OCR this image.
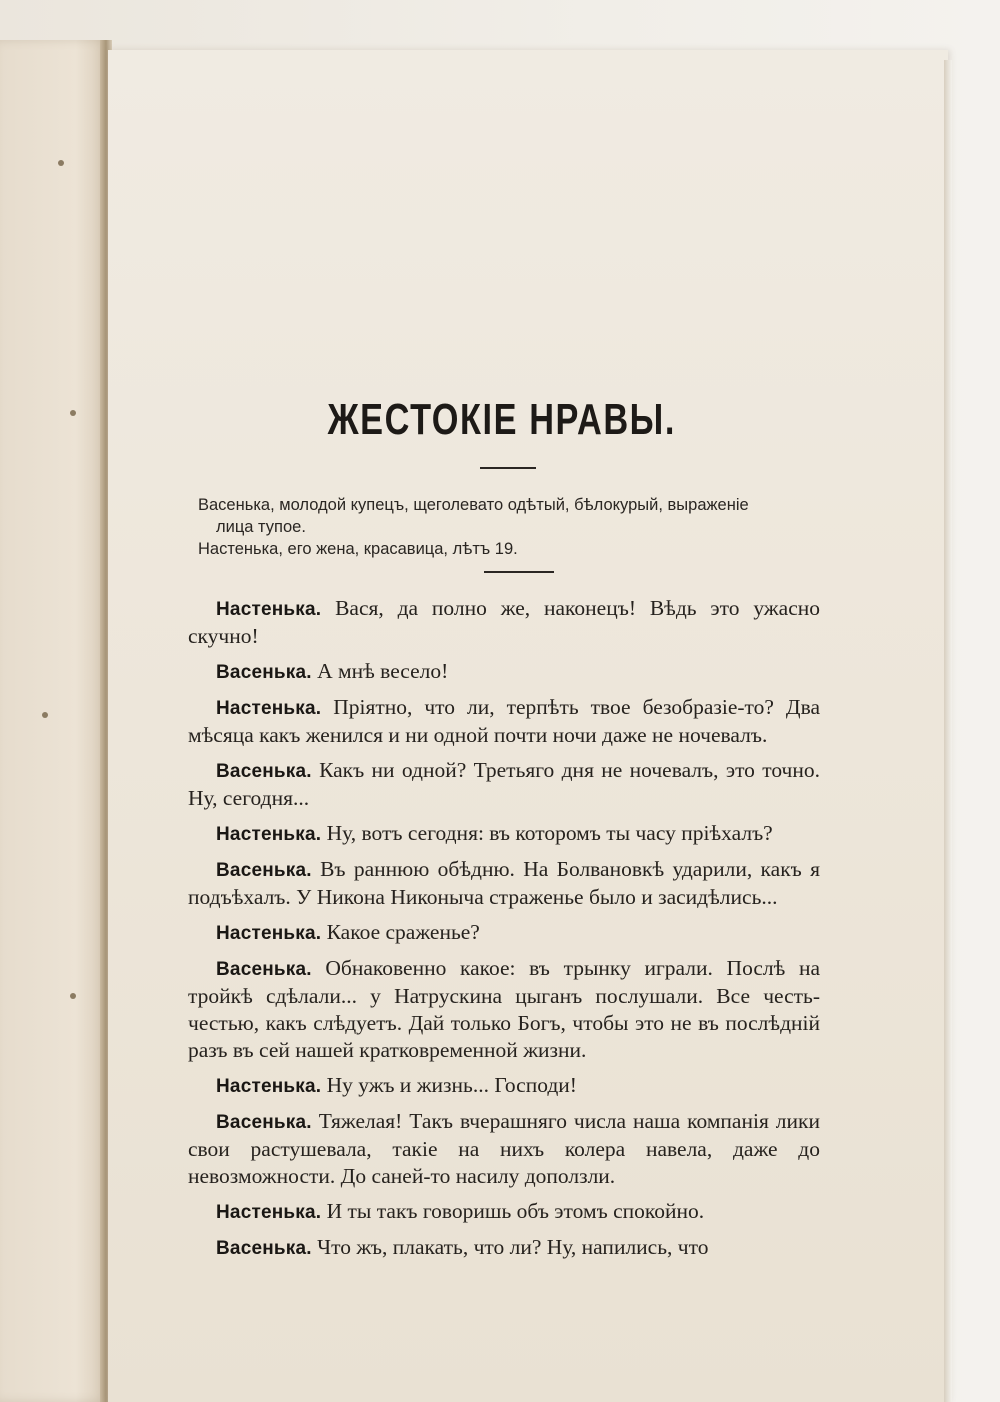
ЖЕСТОКІЕ НРАВЫ.
Васенька, молодой купецъ, щеголевато одѣтый, бѣлокурый, выраженіе
лица тупое.
Настенька, его жена, красавица, лѣтъ 19.

Настенька. Вася, да полно же, наконецъ! Вѣдь это ужасно скучно!

Васенька. А мнѣ весело!

Настенька. Пріятно, что ли, терпѣть твое безобразіе-то? Два мѣсяца какъ женился и ни одной почти ночи даже не ночевалъ.

Васенька. Какъ ни одной? Третьяго дня не ночевалъ, это точно. Ну, сегодня...

Настенька. Ну, вотъ сегодня: въ которомъ ты часу пріѣхалъ?

Васенька. Въ раннюю обѣдню. На Болвановкѣ ударили, какъ я подъѣхалъ. У Никона Никоныча страженье было и засидѣлись...

Настенька. Какое сраженье?

Васенька. Обнаковенно какое: въ трынку играли. Послѣ на тройкѣ сдѣлали... у Натрускина цыганъ послушали. Все честь-честью, какъ слѣдуетъ. Дай только Богъ, чтобы это не въ послѣдній разъ въ сей нашей кратковременной жизни.

Настенька. Ну ужъ и жизнь... Господи!

Васенька. Тяжелая! Такъ вчерашняго числа наша компанія лики свои растушевала, такіе на нихъ колера навела, даже до невозможности. До саней-то насилу доползли.

Настенька. И ты такъ говоришь объ этомъ спокойно.

Васенька. Что жъ, плакать, что ли? Ну, напились, что
